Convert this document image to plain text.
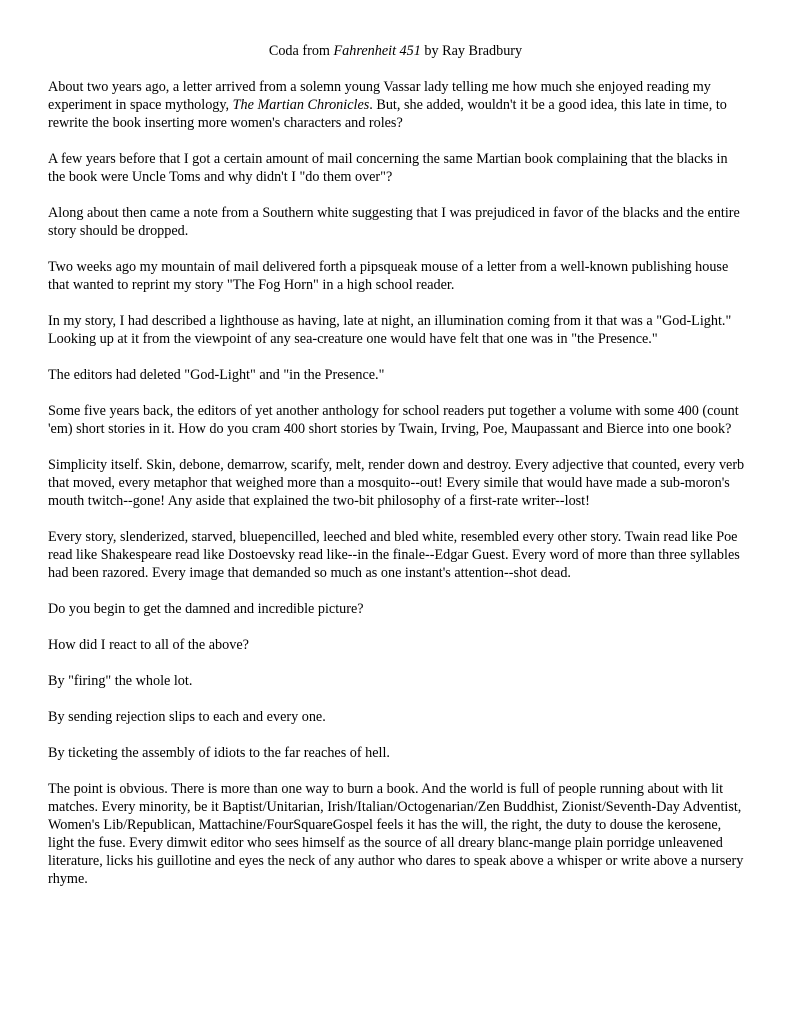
Coda from Fahrenheit 451 by Ray Bradbury

About two years ago, a letter arrived from a solemn young Vassar lady telling me how much she enjoyed reading my experiment in space mythology, The Martian Chronicles. But, she added, wouldn't it be a good idea, this late in time, to rewrite the book inserting more women's characters and roles?

A few years before that I got a certain amount of mail concerning the same Martian book complaining that the blacks in the book were Uncle Toms and why didn't I "do them over"?

Along about then came a note from a Southern white suggesting that I was prejudiced in favor of the blacks and the entire story should be dropped.

Two weeks ago my mountain of mail delivered forth a pipsqueak mouse of a letter from a well-known publishing house that wanted to reprint my story "The Fog Horn" in a high school reader.

In my story, I had described a lighthouse as having, late at night, an illumination coming from it that was a "God-Light." Looking up at it from the viewpoint of any sea-creature one would have felt that one was in "the Presence."

The editors had deleted "God-Light" and "in the Presence."

Some five years back, the editors of yet another anthology for school readers put together a volume with some 400 (count 'em) short stories in it. How do you cram 400 short stories by Twain, Irving, Poe, Maupassant and Bierce into one book?

Simplicity itself. Skin, debone, demarrow, scarify, melt, render down and destroy. Every adjective that counted, every verb that moved, every metaphor that weighed more than a mosquito--out! Every simile that would have made a sub-moron's mouth twitch--gone! Any aside that explained the two-bit philosophy of a first-rate writer--lost!

Every story, slenderized, starved, bluepencilled, leeched and bled white, resembled every other story. Twain read like Poe read like Shakespeare read like Dostoevsky read like--in the finale--Edgar Guest. Every word of more than three syllables had been razored. Every image that demanded so much as one instant's attention--shot dead.

Do you begin to get the damned and incredible picture?

How did I react to all of the above?

By "firing" the whole lot.

By sending rejection slips to each and every one.

By ticketing the assembly of idiots to the far reaches of hell.

The point is obvious. There is more than one way to burn a book. And the world is full of people running about with lit matches. Every minority, be it Baptist/Unitarian, Irish/Italian/Octogenarian/Zen Buddhist, Zionist/Seventh-Day Adventist, Women's Lib/Republican, Mattachine/FourSquareGospel feels it has the will, the right, the duty to douse the kerosene, light the fuse. Every dimwit editor who sees himself as the source of all dreary blanc-mange plain porridge unleavened literature, licks his guillotine and eyes the neck of any author who dares to speak above a whisper or write above a nursery rhyme.
